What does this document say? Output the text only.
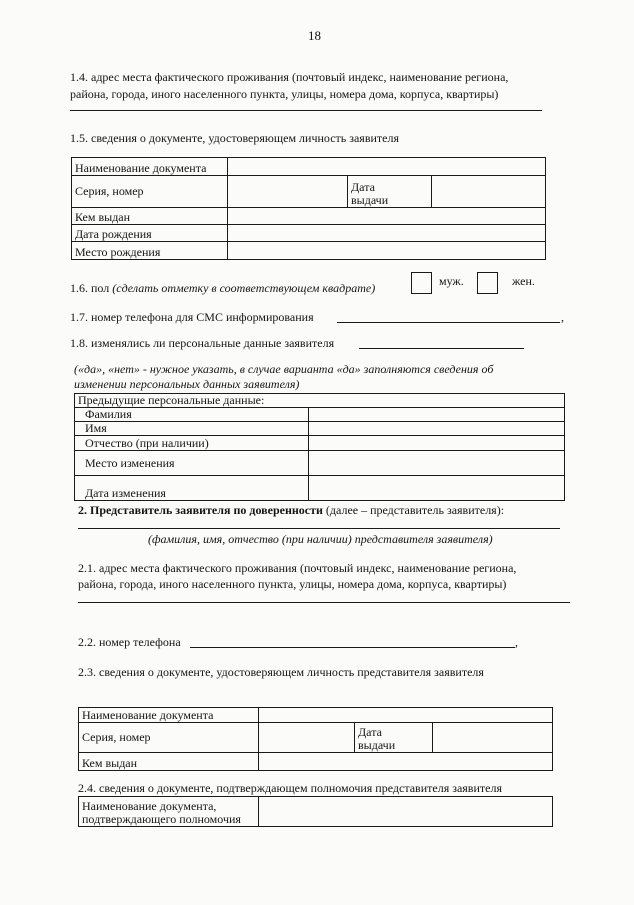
18
1.4. адрес места фактического проживания (почтовый индекс, наименование региона,
района, города, иного населенного пункта, улицы, номера дома, корпуса, квартиры)
1.5. сведения о документе, удостоверяющем личность заявителя
Наименование документа			
Серия, номер		Дата
выдачи	
Кем выдан			
Дата рождения			
Место рождения			
1.6. пол (сделать отметку в соответствующем квадрате)	муж.	жен.
1.7. номер телефона для СМС информирования	,
1.8. изменялись ли персональные данные заявителя
(«да», «нет» - нужное указать, в случае варианта «да» заполняются сведения об
изменении персональных данных заявителя)
Предыдущие персональные данные:	
Фамилия	
Имя	
Отчество (при наличии)	
Место изменения	
Дата изменения	
2. Представитель заявителя по доверенности (далее – представитель заявителя):
(фамилия, имя, отчество (при наличии) представителя заявителя)
2.1. адрес места фактического проживания (почтовый индекс, наименование региона,
района, города, иного населенного пункта, улицы, номера дома, корпуса, квартиры)
2.2. номер телефона	,
2.3. сведения о документе, удостоверяющем личность представителя заявителя
Наименование документа			
Серия, номер		Дата
выдачи	
Кем выдан			
2.4. сведения о документе, подтверждающем полномочия представителя заявителя
Наименование документа,
подтверждающего полномочия	
